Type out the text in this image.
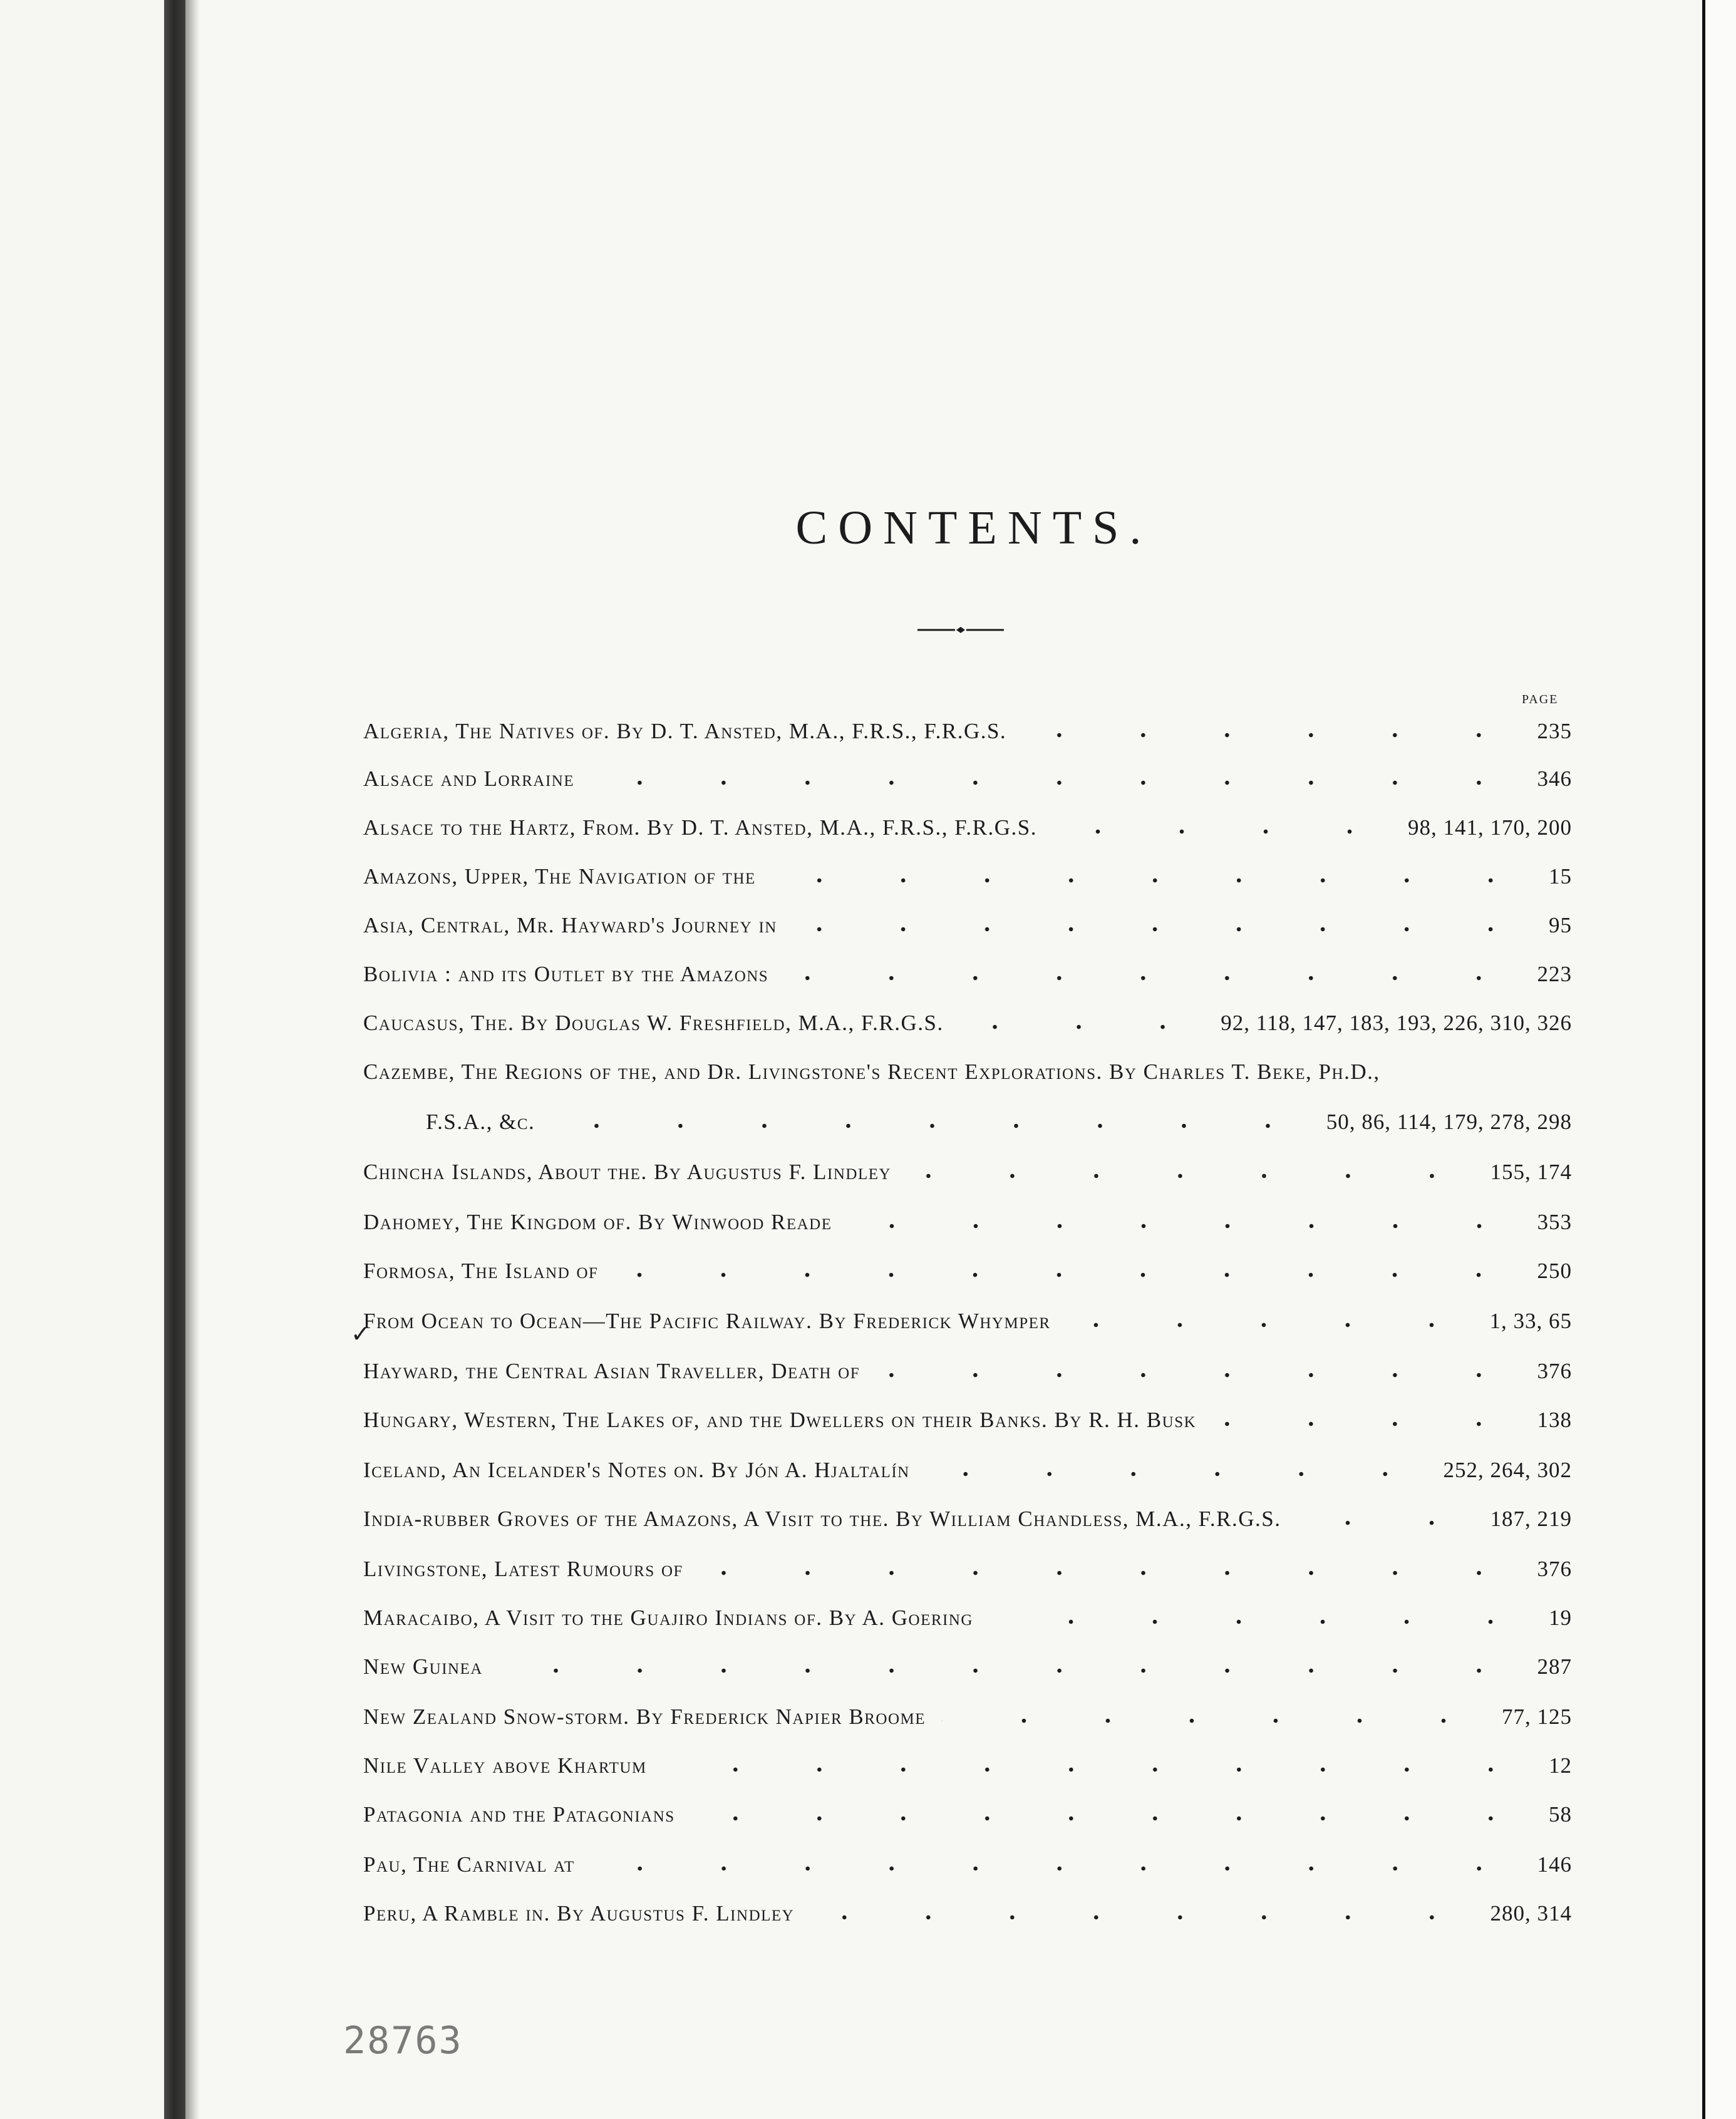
CONTENTS.
PAGE
✓
Algeria, The Natives of. By D. T. Ansted, M.A., F.R.S., F.R.G.S.	235
Alsace and Lorraine	346
Alsace to the Hartz, From. By D. T. Ansted, M.A., F.R.S., F.R.G.S.	98, 141, 170, 200
Amazons, Upper, The Navigation of the	15
Asia, Central, Mr. Hayward's Journey in	95
Bolivia : and its Outlet by the Amazons	223
Caucasus, The. By Douglas W. Freshfield, M.A., F.R.G.S.	92, 118, 147, 183, 193, 226, 310, 326
Cazembe, The Regions of the, and Dr. Livingstone's Recent Explorations. By Charles T. Beke, Ph.D.,
F.S.A., &c.	50, 86, 114, 179, 278, 298
Chincha Islands, About the. By Augustus F. Lindley	155, 174
Dahomey, The Kingdom of. By Winwood Reade	353
Formosa, The Island of	250
From Ocean to Ocean—The Pacific Railway. By Frederick Whymper	1, 33, 65
Hayward, the Central Asian Traveller, Death of	376
Hungary, Western, The Lakes of, and the Dwellers on their Banks. By R. H. Busk	138
Iceland, An Icelander's Notes on. By Jón A. Hjaltalín	252, 264, 302
India-rubber Groves of the Amazons, A Visit to the. By William Chandless, M.A., F.R.G.S.	187, 219
Livingstone, Latest Rumours of	376
Maracaibo, A Visit to the Guajiro Indians of. By A. Goering	19
New Guinea	287
New Zealand Snow-storm. By Frederick Napier Broome	77, 125
Nile Valley above Khartum	12
Patagonia and the Patagonians	58
Pau, The Carnival at	146
Peru, A Ramble in. By Augustus F. Lindley	280, 314
28763
